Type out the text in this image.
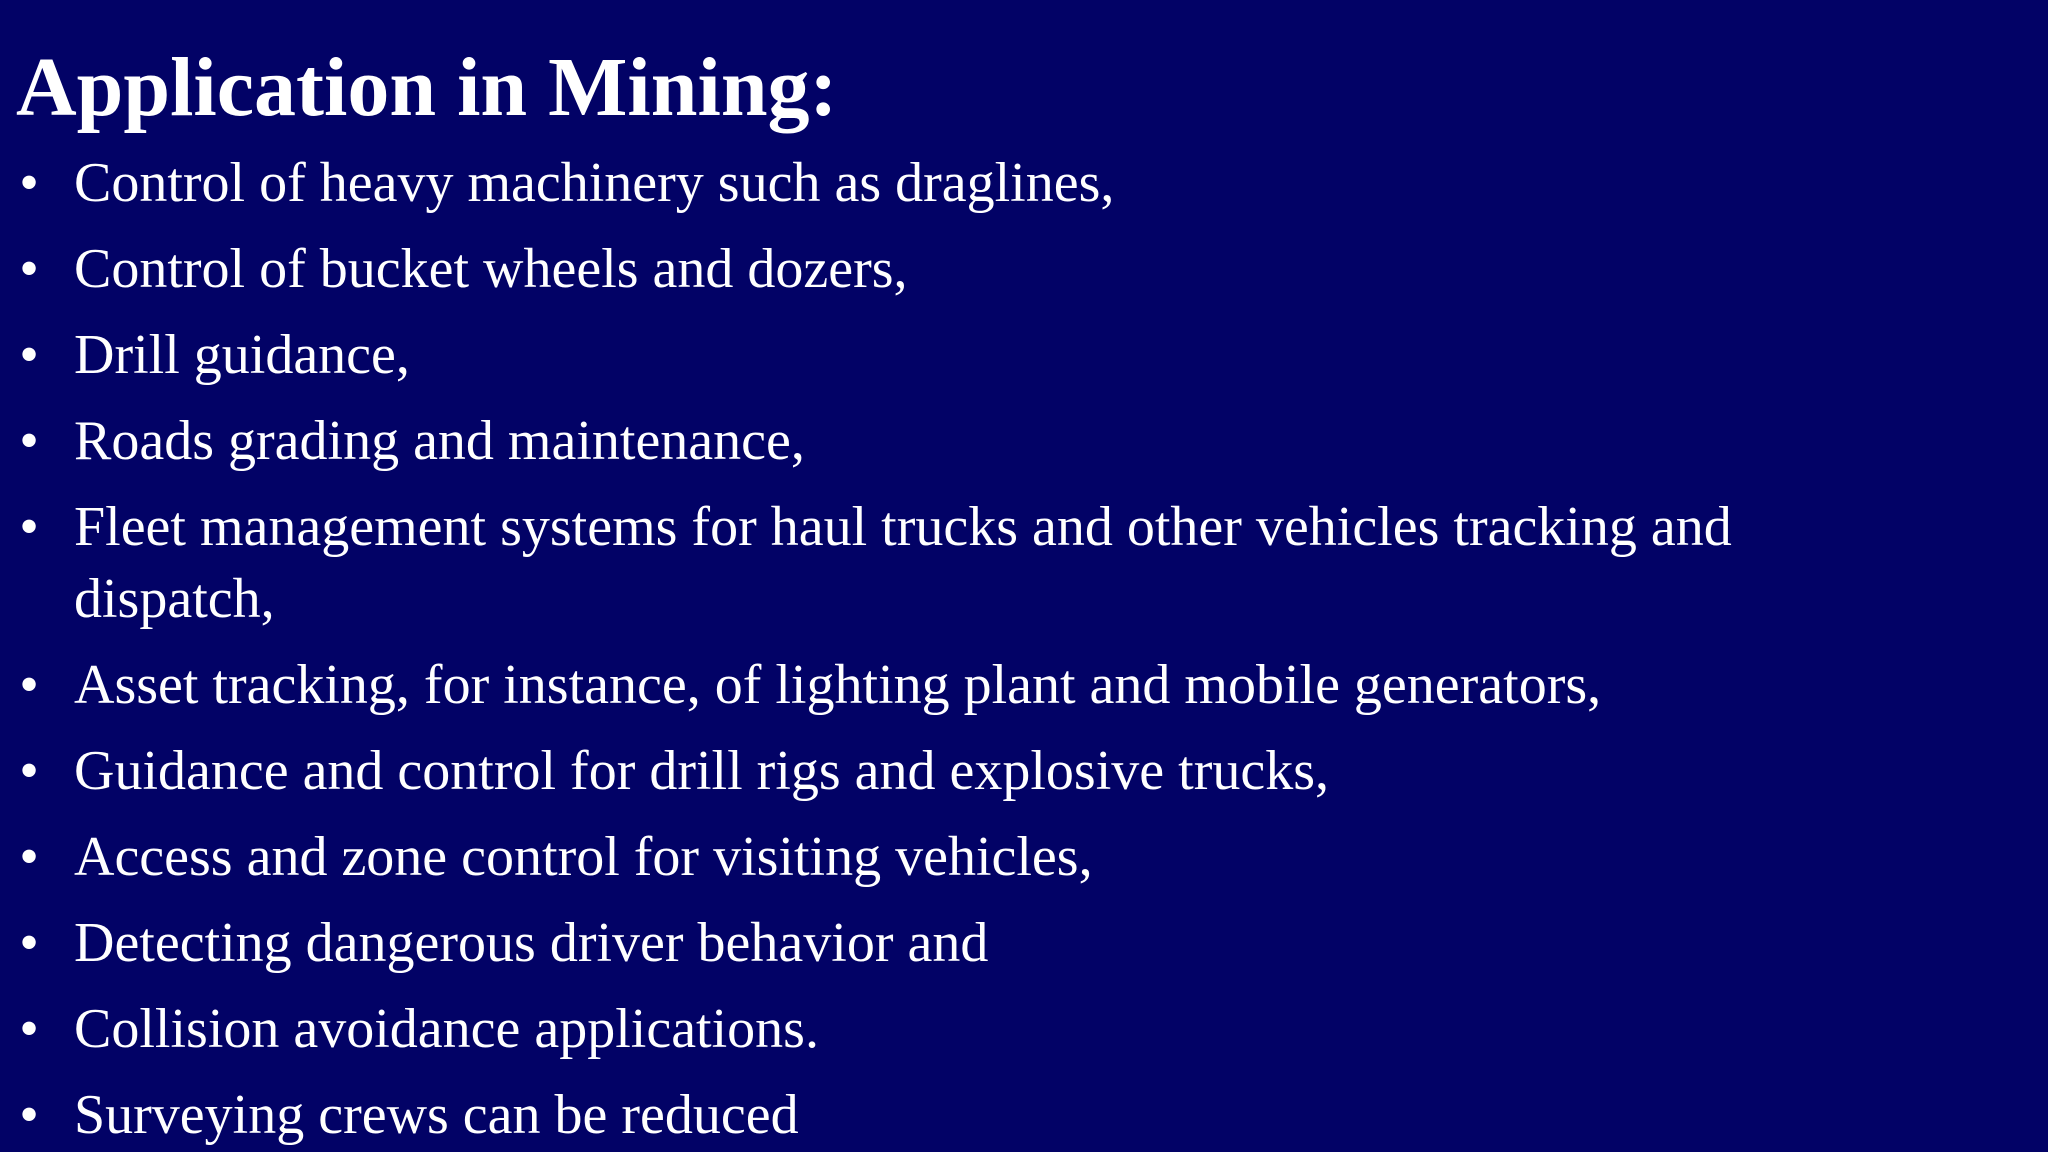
Application in Mining:
• Control of heavy machinery such as draglines,
• Control of bucket wheels and dozers,
• Drill guidance,
• Roads grading and maintenance,
• Fleet management systems for haul trucks and other vehicles tracking and dispatch,
• Asset tracking, for instance, of lighting plant and mobile generators,
• Guidance and control for drill rigs and explosive trucks,
• Access and zone control for visiting vehicles,
• Detecting dangerous driver behavior and
• Collision avoidance applications.
• Surveying crews can be reduced
